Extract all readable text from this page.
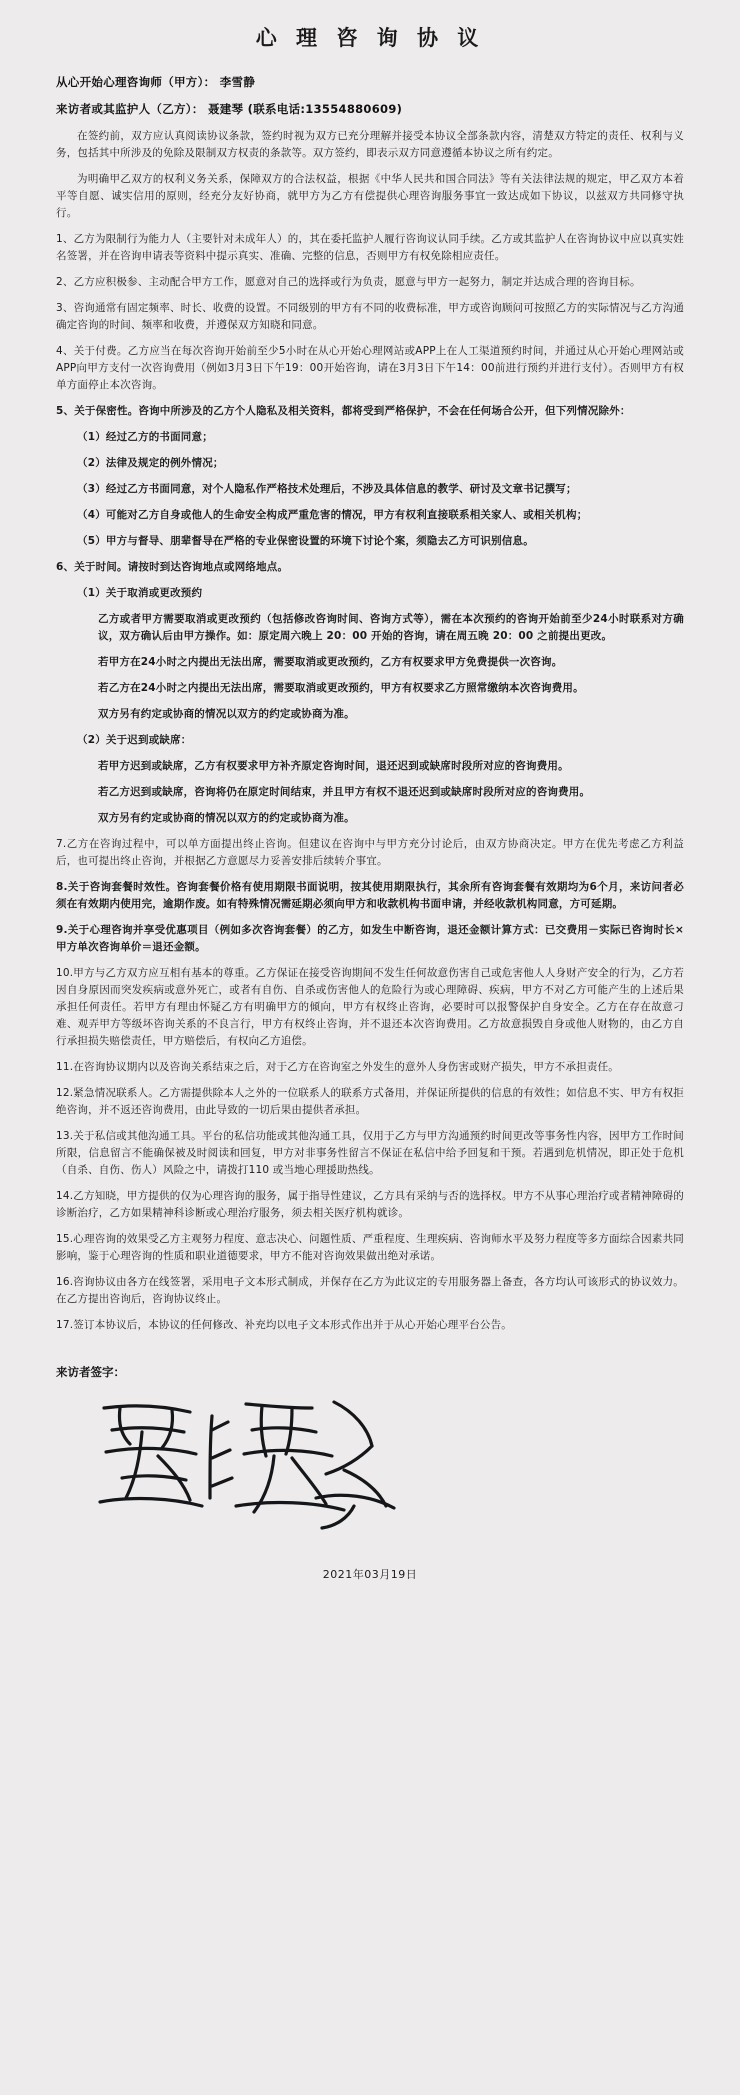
心 理 咨 询 协 议
从心开始心理咨询师（甲方）： 李雪静
来访者或其监护人（乙方）： 聂建琴 (联系电话:13554880609)

在签约前，双方应认真阅读协议条款，签约时视为双方已充分理解并接受本协议全部条款内容，清楚双方特定的责任、权利与义务，包括其中所涉及的免除及限制双方权责的条款等。双方签约，即表示双方同意遵循本协议之所有约定。

为明确甲乙双方的权利义务关系，保障双方的合法权益，根据《中华人民共和国合同法》等有关法律法规的规定，甲乙双方本着平等自愿、诚实信用的原则，经充分友好协商，就甲方为乙方有偿提供心理咨询服务事宜一致达成如下协议，以兹双方共同修守执行。

1、乙方为限制行为能力人（主要针对未成年人）的，其在委托监护人履行咨询议认同手续。乙方或其监护人在咨询协议中应以真实姓名签署，并在咨询申请表等资料中提示真实、准确、完整的信息，否则甲方有权免除相应责任。

2、乙方应积极参、主动配合甲方工作，愿意对自己的选择或行为负责，愿意与甲方一起努力，制定并达成合理的咨询目标。

3、咨询通常有固定频率、时长、收费的设置。不同级别的甲方有不同的收费标准，甲方或咨询顾问可按照乙方的实际情况与乙方沟通确定咨询的时间、频率和收费，并遵保双方知晓和同意。

4、关于付费。乙方应当在每次咨询开始前至少5小时在从心开始心理网站或APP上在人工渠道预约时间，并通过从心开始心理网站或APP向甲方支付一次咨询费用（例如3月3日下午19：00开始咨询，请在3月3日下午14：00前进行预约并进行支付）。否则甲方有权单方面停止本次咨询。

5、关于保密性。咨询中所涉及的乙方个人隐私及相关资料，都将受到严格保护，不会在任何场合公开，但下列情况除外：

（1）经过乙方的书面同意；

（2）法律及规定的例外情况；

（3）经过乙方书面同意，对个人隐私作严格技术处理后，不涉及具体信息的教学、研讨及文章书记撰写；

（4）可能对乙方自身或他人的生命安全构成严重危害的情况，甲方有权利直接联系相关家人、或相关机构；

（5）甲方与督导、朋辈督导在严格的专业保密设置的环境下讨论个案，须隐去乙方可识别信息。

6、关于时间。请按时到达咨询地点或网络地点。

（1）关于取消或更改预约

乙方或者甲方需要取消或更改预约（包括修改咨询时间、咨询方式等），需在本次预约的咨询开始前至少24小时联系对方确议，双方确认后由甲方操作。如：原定周六晚上 20：00 开始的咨询，请在周五晚 20：00 之前提出更改。

若甲方在24小时之内提出无法出席，需要取消或更改预约，乙方有权要求甲方免费提供一次咨询。

若乙方在24小时之内提出无法出席，需要取消或更改预约，甲方有权要求乙方照常缴纳本次咨询费用。

双方另有约定或协商的情况以双方的约定或协商为准。

（2）关于迟到或缺席：

若甲方迟到或缺席，乙方有权要求甲方补齐原定咨询时间，退还迟到或缺席时段所对应的咨询费用。

若乙方迟到或缺席，咨询将仍在原定时间结束，并且甲方有权不退还迟到或缺席时段所对应的咨询费用。

双方另有约定或协商的情况以双方的约定或协商为准。

7.乙方在咨询过程中，可以单方面提出终止咨询。但建议在咨询中与甲方充分讨论后，由双方协商决定。甲方在优先考虑乙方利益后，也可提出终止咨询，并根据乙方意愿尽力妥善安排后续转介事宜。

8.关于咨询套餐时效性。咨询套餐价格有使用期限书面说明，按其使用期限执行，其余所有咨询套餐有效期均为6个月，来访问者必须在有效期内使用完，逾期作废。如有特殊情况需延期必须向甲方和收款机构书面申请，并经收款机构同意，方可延期。

9.关于心理咨询并享受优惠项目（例如多次咨询套餐）的乙方，如发生中断咨询，退还金额计算方式：已交费用－实际已咨询时长×甲方单次咨询单价＝退还金额。

10.甲方与乙方双方应互相有基本的尊重。乙方保证在接受咨询期间不发生任何故意伤害自己或危害他人人身财产安全的行为，乙方若因自身原因而突发疾病或意外死亡，或者有自伤、自杀或伤害他人的危险行为或心理障碍、疾病，甲方不对乙方可能产生的上述后果承担任何责任。若甲方有理由怀疑乙方有明确甲方的倾向，甲方有权终止咨询，必要时可以报警保护自身安全。乙方在存在故意刁难、观弄甲方等级坏咨询关系的不良言行，甲方有权终止咨询，并不退还本次咨询费用。乙方故意损毁自身或他人财物的，由乙方自行承担损失赔偿责任，甲方赔偿后，有权向乙方追偿。

11.在咨询协议期内以及咨询关系结束之后，对于乙方在咨询室之外发生的意外人身伤害或财产损失，甲方不承担责任。

12.紧急情况联系人。乙方需提供除本人之外的一位联系人的联系方式备用，并保证所提供的信息的有效性；如信息不实、甲方有权拒绝咨询，并不返还咨询费用，由此导致的一切后果由提供者承担。

13.关于私信或其他沟通工具。平台的私信功能或其他沟通工具，仅用于乙方与甲方沟通预约时间更改等事务性内容，因甲方工作时间所限，信息留言不能确保被及时阅读和回复，甲方对非事务性留言不保证在私信中给予回复和干预。若遇到危机情况，即正处于危机（自杀、自伤、伤人）风险之中，请拨打110 或当地心理援助热线。

14.乙方知晓，甲方提供的仅为心理咨询的服务，属于指导性建议，乙方具有采纳与否的选择权。甲方不从事心理治疗或者精神障碍的诊断治疗，乙方如果精神科诊断或心理治疗服务，须去相关医疗机构就诊。

15.心理咨询的效果受乙方主观努力程度、意志决心、问题性质、严重程度、生理疾病、咨询师水平及努力程度等多方面综合因素共同影响，鉴于心理咨询的性质和职业道德要求，甲方不能对咨询效果做出绝对承诺。

16.咨询协议由各方在线签署，采用电子文本形式制成，并保存在乙方为此议定的专用服务器上备查，各方均认可该形式的协议效力。在乙方提出咨询后，咨询协议终止。

17.签订本协议后，本协议的任何修改、补充均以电子文本形式作出并于从心开始心理平台公告。

来访者签字：
2021年03月19日
